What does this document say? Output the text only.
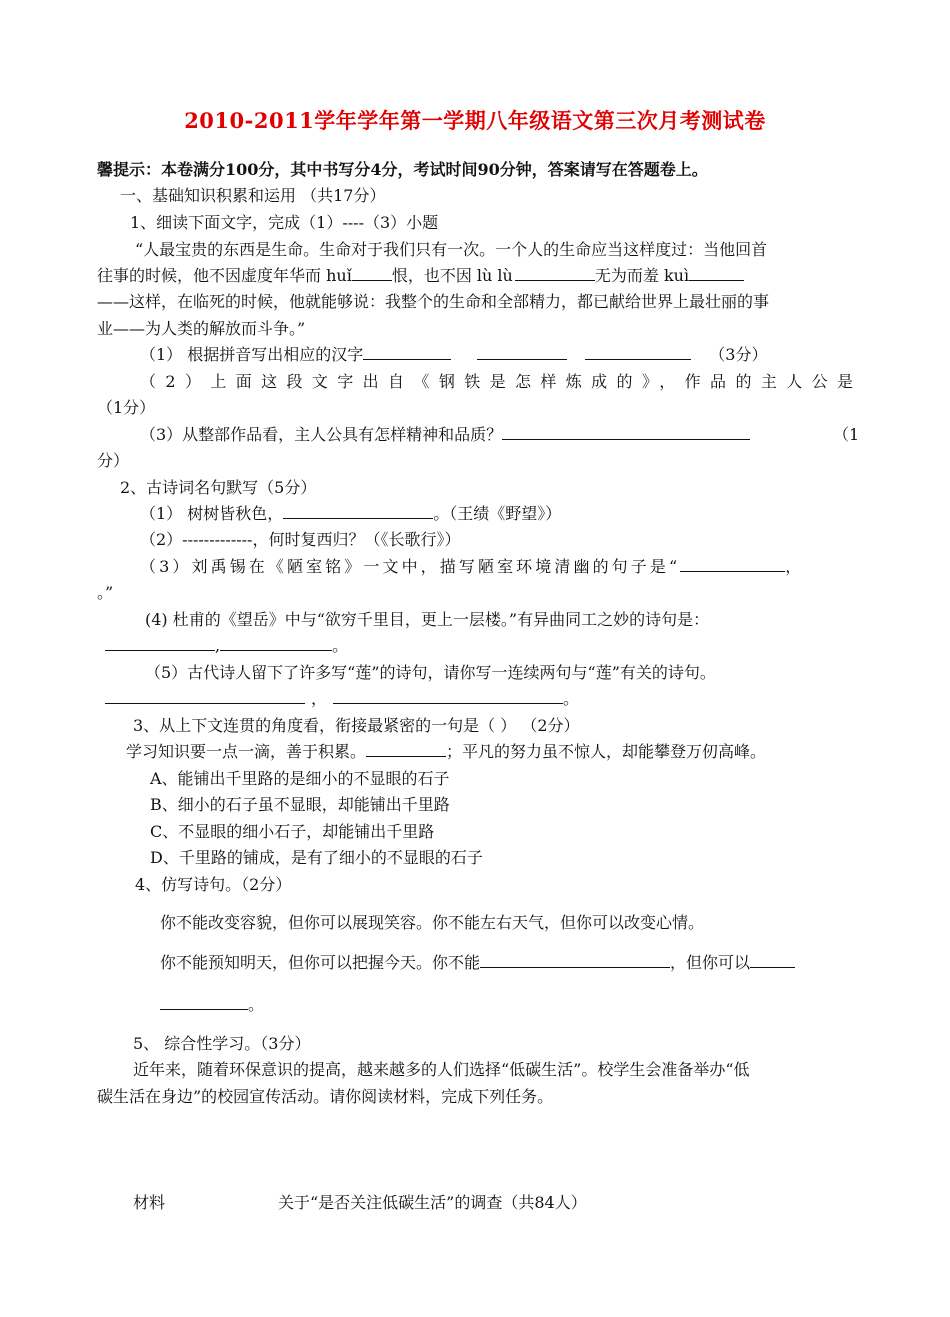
2010-2011学年学年第一学期八年级语文第三次月考测试卷
馨提示：本卷满分100分，其中书写分4分，考试时间90分钟，答案请写在答题卷上。
一、基础知识积累和运用 （共17分）
1、细读下面文字，完成（1）----（3）小题
“人最宝贵的东西是生命。生命对于我们只有一次。一个人的生命应当这样度过：当他回首
往事的时候，他不因虚度年华而 huǐ	恨，也不因 lù lù	无为而羞 kuì
——这样，在临死的时候，他就能够说：我整个的生命和全部精力，都已献给世界上最壮丽的事
业——为人类的解放而斗争。”
（1） 根据拼音写出相应的汉字	（3分）
（2）上面这段文字出自《钢铁是怎样炼成的》，作品的主人公是
（1分）
（3）从整部作品看，主人公具有怎样精神和品质？	（1
分）
2、古诗词名句默写（5分）
（1） 树树皆秋色，	。（王绩《野望》）
（2）-------------，何时复西归？（《长歌行》）
（3）刘禹锡在《陋室铭》一文中，描写陋室环境清幽的句子是“	，
。”
(4) 杜甫的《望岳》中与“欲穷千里目，更上一层楼。”有异曲同工之妙的诗句是：
,	。
（5）古代诗人留下了许多写“莲”的诗句，请你写一连续两句与“莲”有关的诗句。
，	。
3、从上下文连贯的角度看，衔接最紧密的一句是（ ） （2分）
学习知识要一点一滴，善于积累。	；平凡的努力虽不惊人，却能攀登万仞高峰。
A、能铺出千里路的是细小的不显眼的石子
B、细小的石子虽不显眼，却能铺出千里路
C、不显眼的细小石子，却能铺出千里路
D、千里路的铺成，是有了细小的不显眼的石子
4、仿写诗句。（2分）
你不能改变容貌，但你可以展现笑容。你不能左右天气，但你可以改变心情。
你不能预知明天，但你可以把握今天。你不能	，但你可以
。
5、 综合性学习。（3分）
近年来，随着环保意识的提高，越来越多的人们选择“低碳生活”。校学生会准备举办“低
碳生活在身边”的校园宣传活动。请你阅读材料，完成下列任务。
材料	关于“是否关注低碳生活”的调查（共84人）
